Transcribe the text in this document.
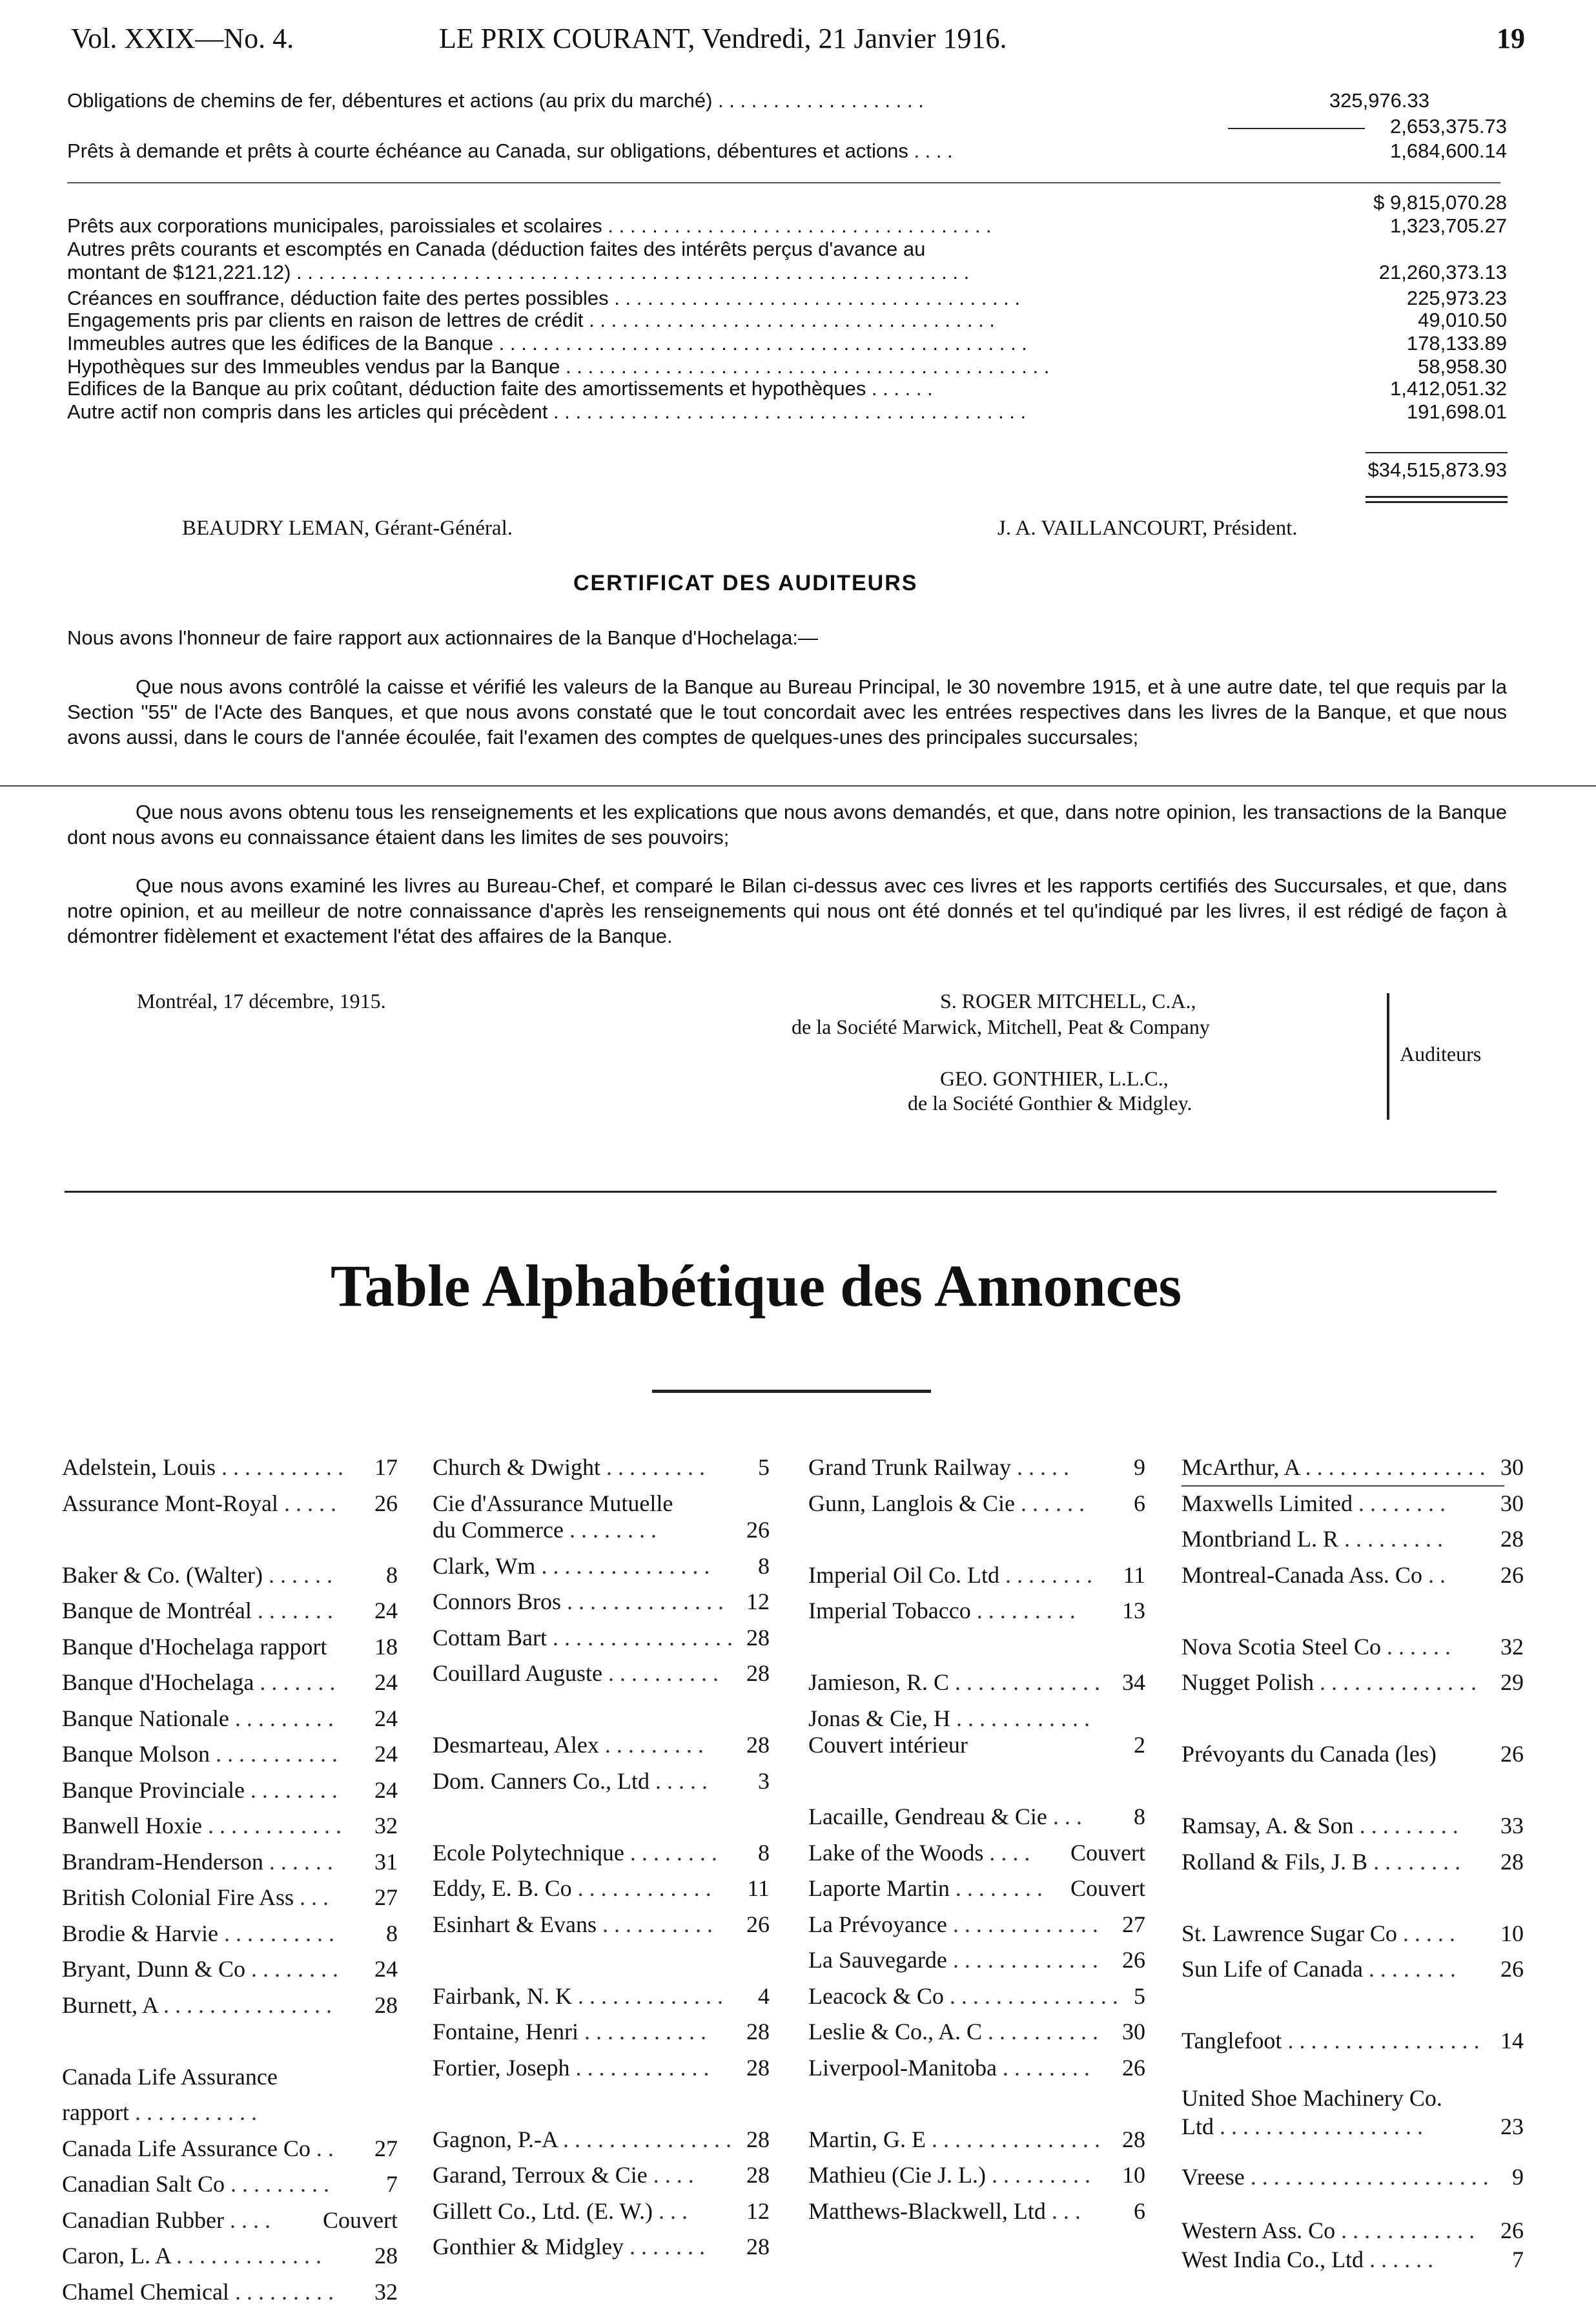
Vol. XXIX—No. 4.	LE PRIX COURANT, Vendredi, 21 Janvier 1916.	19
Obligations de chemins de fer, débentures et actions (au prix du marché) . . . . . . . . . . . . . . . . . . .	325,976.33
2,653,375.73
Prêts à demande et prêts à courte échéance au Canada, sur obligations, débentures et actions . . . .	1,684,600.14
$ 9,815,070.28
Prêts aux corporations municipales, paroissiales et scolaires . . . . . . . . . . . . . . . . . . . . . . . . . . . . . . . . . . .	1,323,705.27
Autres prêts courants et escomptés en Canada (déduction faites des intérêts perçus d'avance au
montant de $121,221.12) . . . . . . . . . . . . . . . . . . . . . . . . . . . . . . . . . . . . . . . . . . . . . . . . . . . . . . . . . . . . .	21,260,373.13
Créances en souffrance, déduction faite des pertes possibles . . . . . . . . . . . . . . . . . . . . . . . . . . . . . . . . . . . . .	225,973.23
Engagements pris par clients en raison de lettres de crédit . . . . . . . . . . . . . . . . . . . . . . . . . . . . . . . . . . . . .	49,010.50
Immeubles autres que les édifices de la Banque . . . . . . . . . . . . . . . . . . . . . . . . . . . . . . . . . . . . . . . . . . . . . . . .	178,133.89
Hypothèques sur des Immeubles vendus par la Banque . . . . . . . . . . . . . . . . . . . . . . . . . . . . . . . . . . . . . . . . . . . .	58,958.30
Edifices de la Banque au prix coûtant, déduction faite des amortissements et hypothèques . . . . . .	1,412,051.32
Autre actif non compris dans les articles qui précèdent . . . . . . . . . . . . . . . . . . . . . . . . . . . . . . . . . . . . . . . . . . .	191,698.01
$34,515,873.93
BEAUDRY LEMAN, Gérant-Général.	J. A. VAILLANCOURT, Président.
CERTIFICAT DES AUDITEURS
Nous avons l'honneur de faire rapport aux actionnaires de la Banque d'Hochelaga:—
Que nous avons contrôlé la caisse et vérifié les valeurs de la Banque au Bureau Principal, le 30 novembre 1915, et à une autre date, tel que requis par la Section "55" de l'Acte des Banques, et que nous avons constaté que le tout concordait avec les entrées respectives dans les livres de la Banque, et que nous avons aussi, dans le cours de l'année écoulée, fait l'examen des comptes de quelques-unes des principales succursales;
Que nous avons obtenu tous les renseignements et les explications que nous avons demandés, et que, dans notre opinion, les transactions de la Banque dont nous avons eu connaissance étaient dans les limites de ses pouvoirs;
Que nous avons examiné les livres au Bureau-Chef, et comparé le Bilan ci-dessus avec ces livres et les rapports certifiés des Succursales, et que, dans notre opinion, et au meilleur de notre connaissance d'après les renseignements qui nous ont été donnés et tel qu'indiqué par les livres, il est rédigé de façon à démontrer fidèlement et exactement l'état des affaires de la Banque.
Montréal, 17 décembre, 1915.	S. ROGER MITCHELL, C.A.,
de la Société Marwick, Mitchell, Peat & Company
GEO. GONTHIER, L.L.C.,
de la Société Gonthier & Midgley.
Auditeurs
Table Alphabétique des Annonces
Adelstein, Louis . . . . . . . . . . . 17
Assurance Mont-Royal . . . . . 26
Baker & Co. (Walter) . . . . . . 8
Banque de Montréal . . . . . . . 24
Banque d'Hochelaga rapport 18
Banque d'Hochelaga . . . . . . . 24
Banque Nationale . . . . . . . . . 24
Banque Molson . . . . . . . . . . . 24
Banque Provinciale . . . . . . . . 24
Banwell Hoxie . . . . . . . . . . . . 32
Brandram-Henderson . . . . . . 31
British Colonial Fire Ass . . . 27
Brodie & Harvie . . . . . . . . . . 8
Bryant, Dunn & Co . . . . . . . . 24
Burnett, A . . . . . . . . . . . . . . . 28
Canada Life Assurance
rapport . . . . . . . . . . .
Canada Life Assurance Co . . 27
Canadian Salt Co . . . . . . . . . 7
Canadian Rubber . . . . Couvert
Caron, L. A . . . . . . . . . . . . . 28
Chamel Chemical . . . . . . . . . 32
Church & Dwight . . . . . . . . . 5
Cie d'Assurance Mutuelle
du Commerce . . . . . . . .	26
Clark, Wm . . . . . . . . . . . . . . . 8
Connors Bros . . . . . . . . . . . . . . 12
Cottam Bart . . . . . . . . . . . . . . . . 28
Couillard Auguste . . . . . . . . . . 28
Desmarteau, Alex . . . . . . . . . 28
Dom. Canners Co., Ltd . . . . . 3
Ecole Polytechnique . . . . . . . . 8
Eddy, E. B. Co . . . . . . . . . . . . 11
Esinhart & Evans . . . . . . . . . . 26
Fairbank, N. K . . . . . . . . . . . . . 4
Fontaine, Henri . . . . . . . . . . . 28
Fortier, Joseph . . . . . . . . . . . . 28
Gagnon, P.-A . . . . . . . . . . . . . . . 28
Garand, Terroux & Cie . . . . 28
Gillett Co., Ltd. (E. W.) . . .	12
Gonthier & Midgley . . . . . . . 28
Grand Trunk Railway . . . . .	9
Gunn, Langlois & Cie . . . . . . 6
Imperial Oil Co. Ltd . . . . . . . . 11
Imperial Tobacco . . . . . . . . . 13
Jamieson, R. C . . . . . . . . . . . . . 34
Jonas & Cie, H . . . . . . . . . . . .
Couvert intérieur	2
Lacaille, Gendreau & Cie . . . 8
Lake of the Woods . . . . Couvert
Laporte Martin . . . . . . . . Couvert
La Prévoyance . . . . . . . . . . . . . 27
La Sauvegarde . . . . . . . . . . . . . 26
Leacock & Co . . . . . . . . . . . . . . . 5
Leslie & Co., A. C . . . . . . . . . . 30
Liverpool-Manitoba . . . . . . . . 26
Martin, G. E . . . . . . . . . . . . . . . 28
Mathieu (Cie J. L.) . . . . . . . . . 10
Matthews-Blackwell, Ltd . . . 6
McArthur, A . . . . . . . . . . . . . . . . 30
Maxwells Limited . . . . . . . . 30
Montbriand L. R . . . . . . . . . 28
Montreal-Canada Ass. Co . . 26
Nova Scotia Steel Co . . . . . . 32
Nugget Polish . . . . . . . . . . . . . . 29
Prévoyants du Canada (les)	26
Ramsay, A. & Son . . . . . . . . . 33
Rolland & Fils, J. B . . . . . . . . 28
St. Lawrence Sugar Co . . . . . 10
Sun Life of Canada . . . . . . . . 26
Tanglefoot . . . . . . . . . . . . . . . . . 14
United Shoe Machinery Co.
Ltd . . . . . . . . . . . . . . . . . .	23
Vreese . . . . . . . . . . . . . . . . . . . . . 9
Western Ass. Co . . . . . . . . . . . . 26
West India Co., Ltd . . . . . .	7
